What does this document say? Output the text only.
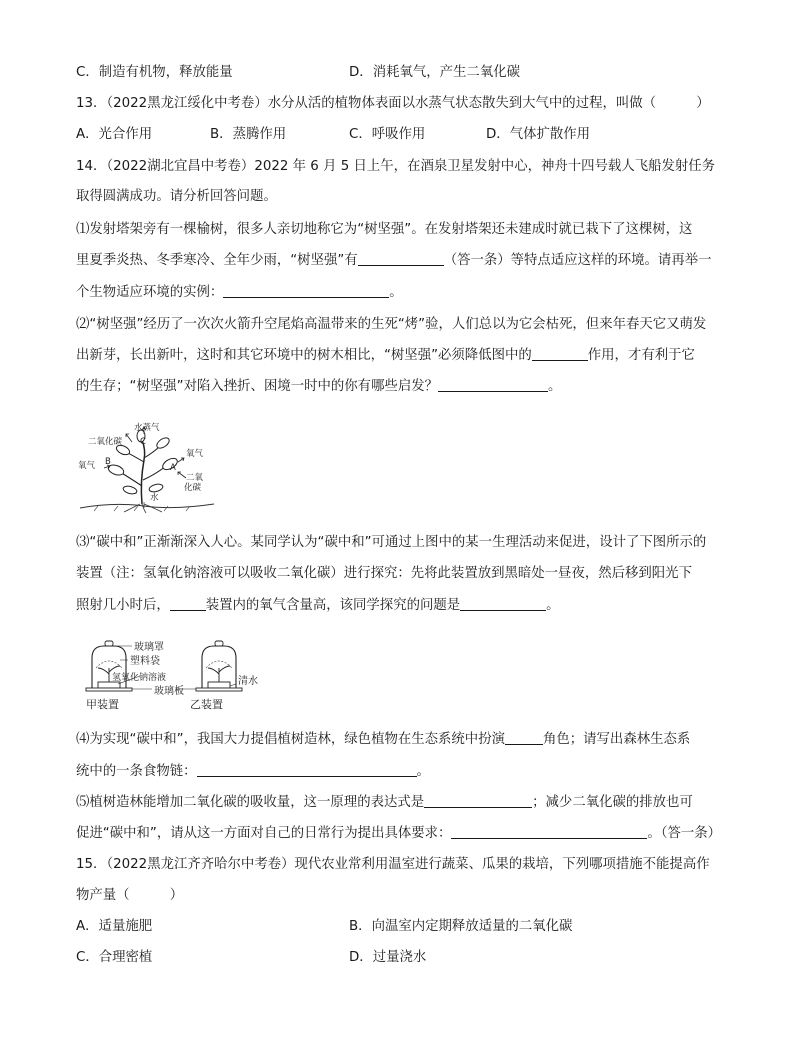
C．制造有机物，释放能量	D．消耗氧气，产生二氧化碳
13．（2022黑龙江绥化中考卷）水分从活的植物体表面以水蒸气状态散失到大气中的过程，叫做（　　　）
A．光合作用	B．蒸腾作用	C．呼吸作用	D．气体扩散作用
14．（2022湖北宜昌中考卷）2022 年 6 月 5 日上午，在酒泉卫星发射中心，神舟十四号载人飞船发射任务
取得圆满成功。请分析回答问题。
⑴发射塔架旁有一棵榆树，很多人亲切地称它为“树坚强”。在发射塔架还未建成时就已栽下了这棵树，这
里夏季炎热、冬季寒冷、全年少雨，“树坚强”有	（答一条）等特点适应这样的环境。请再举一
个生物适应环境的实例：	。
⑵“树坚强”经历了一次次火箭升空尾焰高温带来的生死“烤”验，人们总以为它会枯死，但来年春天它又萌发
出新芽，长出新叶，这时和其它环境中的树木相比，“树坚强”必须降低图中的	作用，才有利于它
的生存；“树坚强”对陷入挫折、困境一时中的你有哪些启发？	。
水蒸气
二氧化碳 C
氧气 B
氧气
A
二氧
化碳
水
⑶“碳中和”正渐渐深入人心。某同学认为“碳中和”可通过上图中的某一生理活动来促进，设计了下图所示的
装置（注：氢氧化钠溶液可以吸收二氧化碳）进行探究：先将此装置放到黑暗处一昼夜，然后移到阳光下
照射几小时后，	装置内的氧气含量高，该同学探究的问题是	。
玻璃罩
塑料袋
氢氧化钠溶液
玻璃板
清水
甲装置	乙装置
⑷为实现“碳中和”，我国大力提倡植树造林，绿色植物在生态系统中扮演	角色；请写出森林生态系
统中的一条食物链：	。
⑸植树造林能增加二氧化碳的吸收量，这一原理的表达式是	；减少二氧化碳的排放也可
促进“碳中和”，请从这一方面对自己的日常行为提出具体要求：	。（答一条）
15．（2022黑龙江齐齐哈尔中考卷）现代农业常利用温室进行蔬菜、瓜果的栽培，下列哪项措施不能提高作
物产量（　　　）
A．适量施肥	B．向温室内定期释放适量的二氧化碳
C．合理密植	D．过量浇水
